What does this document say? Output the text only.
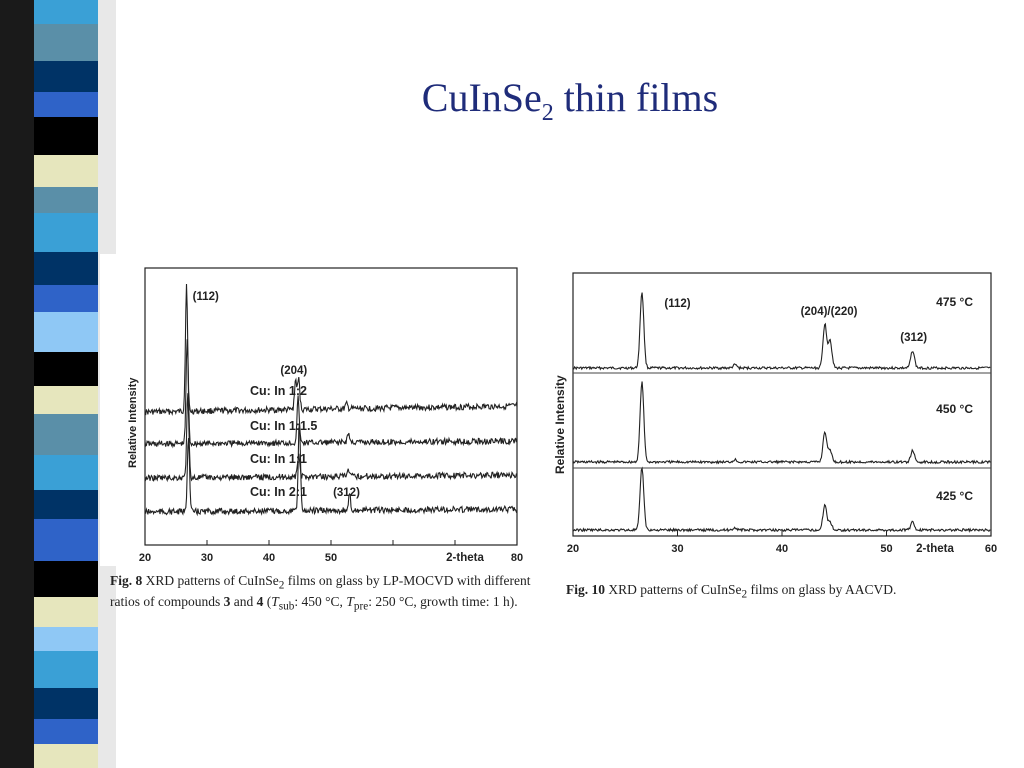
CuInSe$_2$ thin films
Relative Intensity
20	30	40	50	2-theta 80
Cu: In 1:2
Cu: In 1:1.5
Cu: In 1:1
Cu: In 2:1
(112)
(204)
(312)
Fig. 8 XRD patterns of CuInSe$_2$ films on glass by LP-MOCVD with different ratios of compounds 3 and 4 ($T_{sub}$: 450 °C, $T_{pre}$: 250 °C, growth time: 1 h).
Relative Intensity
20	30	40	50 2-theta	60
475 °C
450 °C
425 °C
(112)
(204)/(220)
(312)
Fig. 10 XRD patterns of CuInSe$_2$ films on glass by AACVD.
